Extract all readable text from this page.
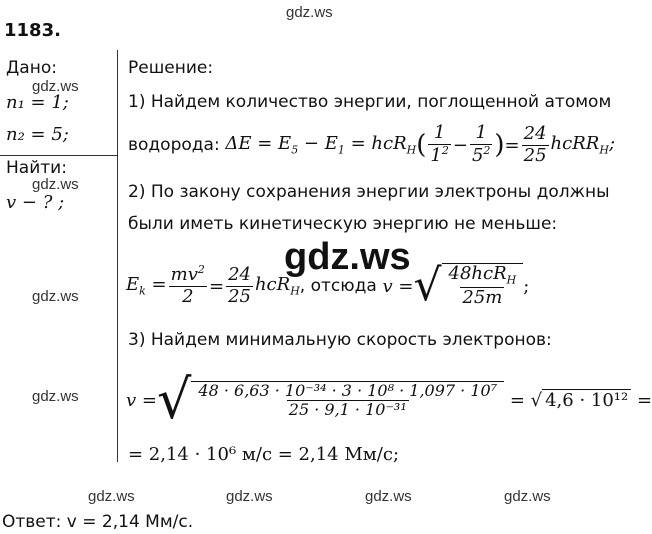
gdz.ws
gdz.ws
gdz.ws
gdz.ws
gdz.ws
gdz.ws
gdz.ws	gdz.ws	gdz.ws	gdz.ws
1183.
Дано:
n₁ = 1;
n₂ = 5;
Найти:
v − ? ;
Решение:
1) Найдем количество энергии, поглощенной атомом
водорода: $\Delta E = E_5 - E_1 = hcR_H$ ( $\frac{1}{1^2} - \frac{1}{5^2}$ ) = $\frac{24}{25}$ hcRR$_H$;
2) По закону сохранения энергии электроны должны
были иметь кинетическую энергию не меньше:
$E_k = \frac{mv^2}{2} = \frac{24}{25} hcR_H$ , отсюда v = √ $\frac{48hcR_H}{25m}$ ;
3) Найдем минимальную скорость электронов:
v = √ $\frac{\text{48 · 6,63 · 10⁻³⁴ · 3 · 10⁸ · 1,097 · 10⁷}}{\text{25 · 9,1 · 10⁻³¹}}$ = √ 4,6 · 10¹² =
= 2,14 · 10⁶ м/с = 2,14 Мм/с;
Ответ: v = 2,14 Мм/с.
